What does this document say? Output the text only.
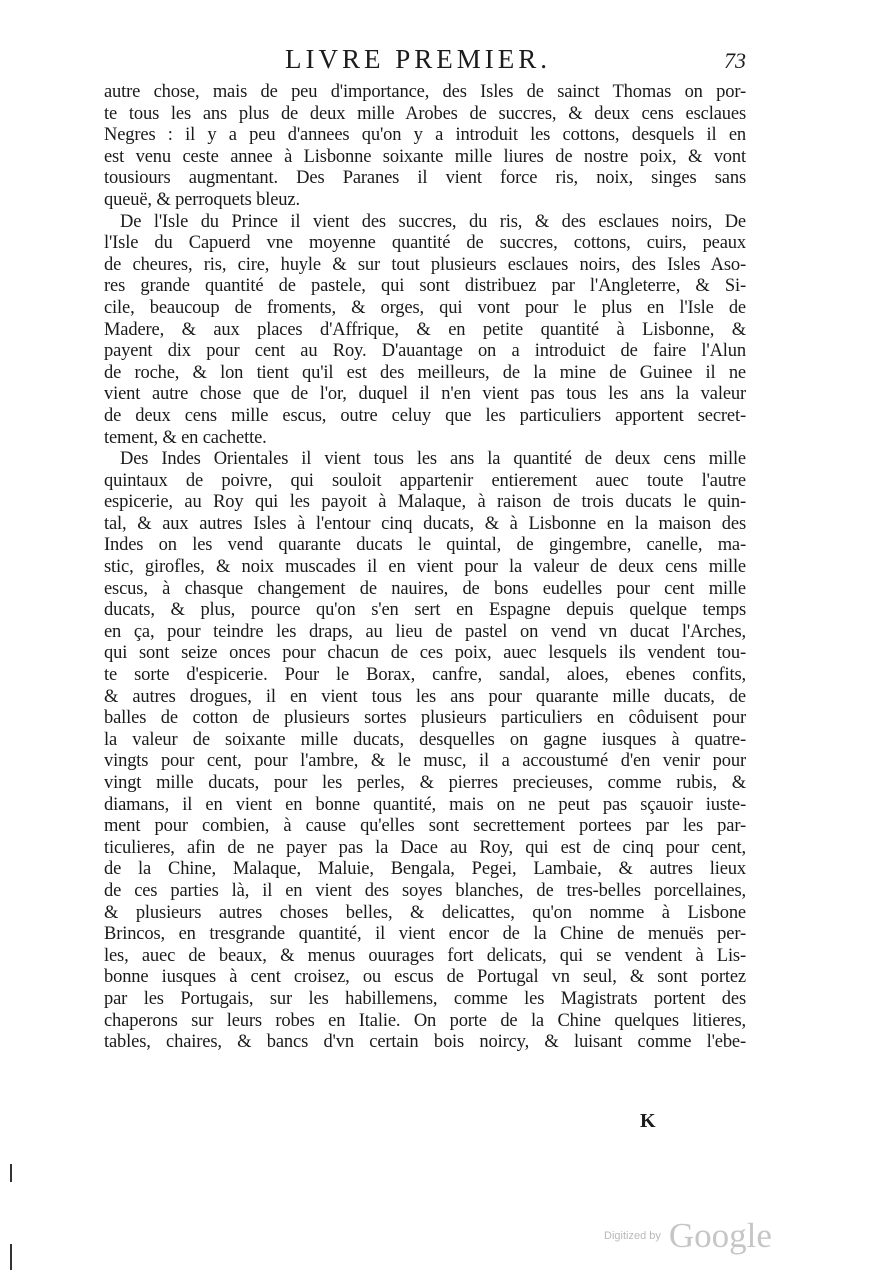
LIVRE PREMIER.	73
autre chose, mais de peu d'importance, des Isles de sainct Thomas on por-
te tous les ans plus de deux mille Arobes de succres, & deux cens esclaues
Negres : il y a peu d'annees qu'on y a introduit les cottons, desquels il en
est venu ceste annee à Lisbonne soixante mille liures de nostre poix, & vont
tousiours augmentant. Des Paranes il vient force ris, noix, singes sans
queuë, & perroquets bleuz.
De l'Isle du Prince il vient des succres, du ris, & des esclaues noirs, De
l'Isle du Capuerd vne moyenne quantité de succres, cottons, cuirs, peaux
de cheures, ris, cire, huyle & sur tout plusieurs esclaues noirs, des Isles Aso-
res grande quantité de pastele, qui sont distribuez par l'Angleterre, & Si-
cile, beaucoup de froments, & orges, qui vont pour le plus en l'Isle de
Madere, & aux places d'Affrique, & en petite quantité à Lisbonne, &
payent dix pour cent au Roy. D'auantage on a introduict de faire l'Alun
de roche, & lon tient qu'il est des meilleurs, de la mine de Guinee il ne
vient autre chose que de l'or, duquel il n'en vient pas tous les ans la valeur
de deux cens mille escus, outre celuy que les particuliers apportent secret-
tement, & en cachette.
Des Indes Orientales il vient tous les ans la quantité de deux cens mille
quintaux de poivre, qui souloit appartenir entierement auec toute l'autre
espicerie, au Roy qui les payoit à Malaque, à raison de trois ducats le quin-
tal, & aux autres Isles à l'entour cinq ducats, & à Lisbonne en la maison des
Indes on les vend quarante ducats le quintal, de gingembre, canelle, ma-
stic, girofles, & noix muscades il en vient pour la valeur de deux cens mille
escus, à chasque changement de nauires, de bons eudelles pour cent mille
ducats, & plus, pource qu'on s'en sert en Espagne depuis quelque temps
en ça, pour teindre les draps, au lieu de pastel on vend vn ducat l'Arches,
qui sont seize onces pour chacun de ces poix, auec lesquels ils vendent tou-
te sorte d'espicerie. Pour le Borax, canfre, sandal, aloes, ebenes confits,
& autres drogues, il en vient tous les ans pour quarante mille ducats, de
balles de cotton de plusieurs sortes plusieurs particuliers en côduisent pour
la valeur de soixante mille ducats, desquelles on gagne iusques à quatre-
vingts pour cent, pour l'ambre, & le musc, il a accoustumé d'en venir pour
vingt mille ducats, pour les perles, & pierres precieuses, comme rubis, &
diamans, il en vient en bonne quantité, mais on ne peut pas sçauoir iuste-
ment pour combien, à cause qu'elles sont secrettement portees par les par-
ticulieres, afin de ne payer pas la Dace au Roy, qui est de cinq pour cent,
de la Chine, Malaque, Maluie, Bengala, Pegei, Lambaie, & autres lieux
de ces parties là, il en vient des soyes blanches, de tres-belles porcellaines,
& plusieurs autres choses belles, & delicattes, qu'on nomme à Lisbone
Brincos, en tresgrande quantité, il vient encor de la Chine de menuës per-
les, auec de beaux, & menus ouurages fort delicats, qui se vendent à Lis-
bonne iusques à cent croisez, ou escus de Portugal vn seul, & sont portez
par les Portugais, sur les habillemens, comme les Magistrats portent des
chaperons sur leurs robes en Italie. On porte de la Chine quelques litieres,
tables, chaires, & bancs d'vn certain bois noircy, & luisant comme l'ebe-
K
Digitized by Google
